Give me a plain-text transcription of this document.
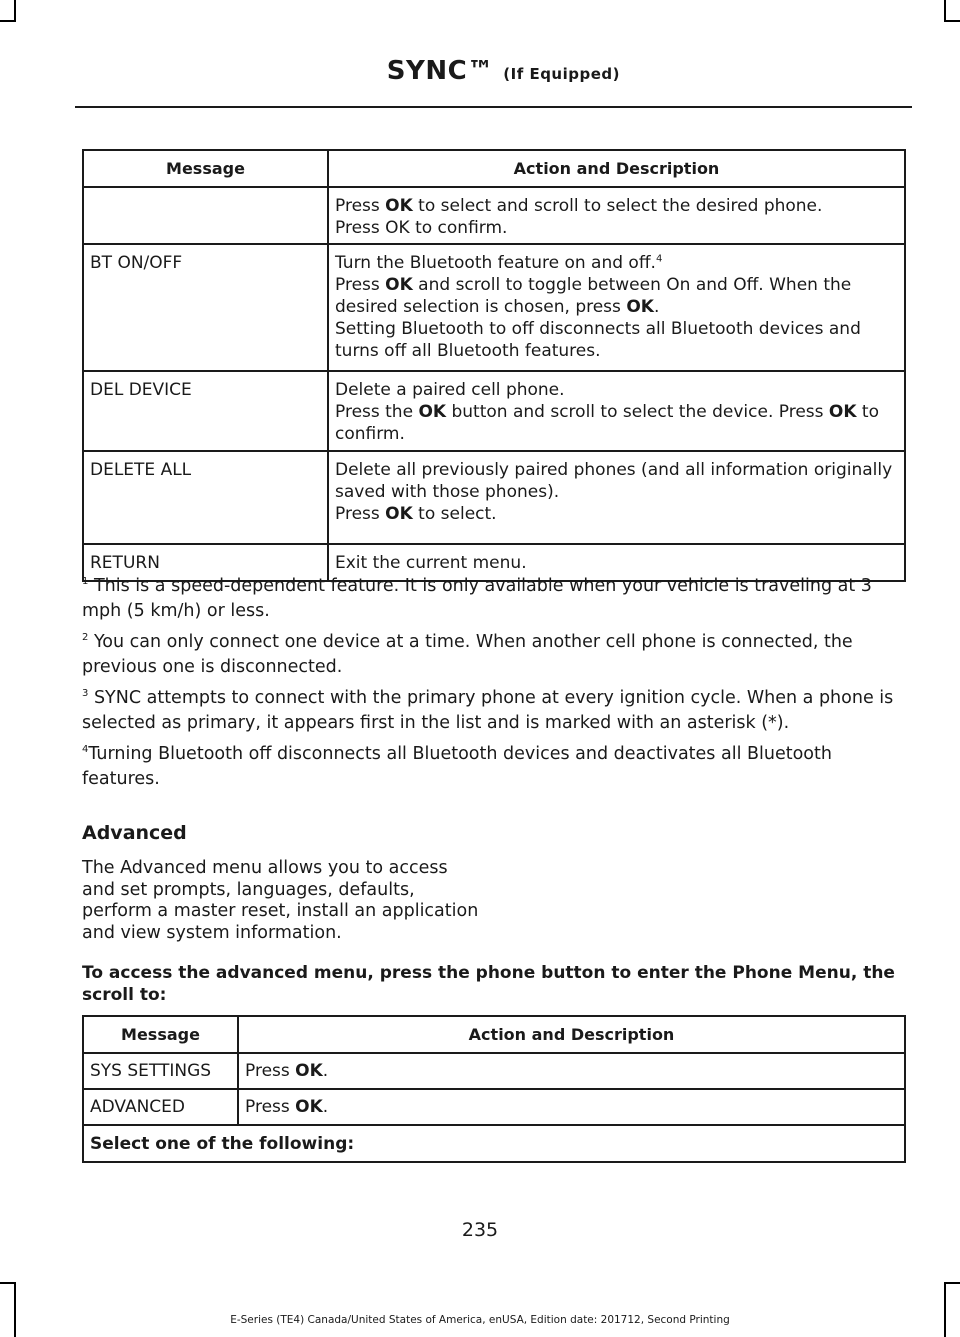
SYNC™ (If Equipped)
Message	Action and Description

	Press OK to select and scroll to select the desired phone.
Press OK to confirm.

BT ON/OFF	Turn the Bluetooth feature on and off.$^4$
Press OK and scroll to toggle between On and Off. When the desired selection is chosen, press OK.
Setting Bluetooth to off disconnects all Bluetooth devices and turns off all Bluetooth features.

DEL DEVICE	Delete a paired cell phone.
Press the OK button and scroll to select the device. Press OK to confirm.

DELETE ALL	Delete all previously paired phones (and all information originally saved with those phones).
Press OK to select.

RETURN	Exit the current menu.

$^1$ This is a speed-dependent feature. It is only available when your vehicle is traveling at 3 mph (5 km/h) or less.

$^2$ You can only connect one device at a time. When another cell phone is connected, the previous one is disconnected.

$^3$ SYNC attempts to connect with the primary phone at every ignition cycle. When a phone is selected as primary, it appears first in the list and is marked with an asterisk (*).

$^4$Turning Bluetooth off disconnects all Bluetooth devices and deactivates all Bluetooth features.

Advanced
The Advanced menu allows you to access and set prompts, languages, defaults, perform a master reset, install an application and view system information.
To access the advanced menu, press the phone button to enter the Phone Menu, the scroll to:
Message	Action and Description
SYS SETTINGS	Press OK.
ADVANCED	Press OK.
Select one of the following:	
235
E-Series (TE4) Canada/United States of America, enUSA, Edition date: 201712, Second Printing
